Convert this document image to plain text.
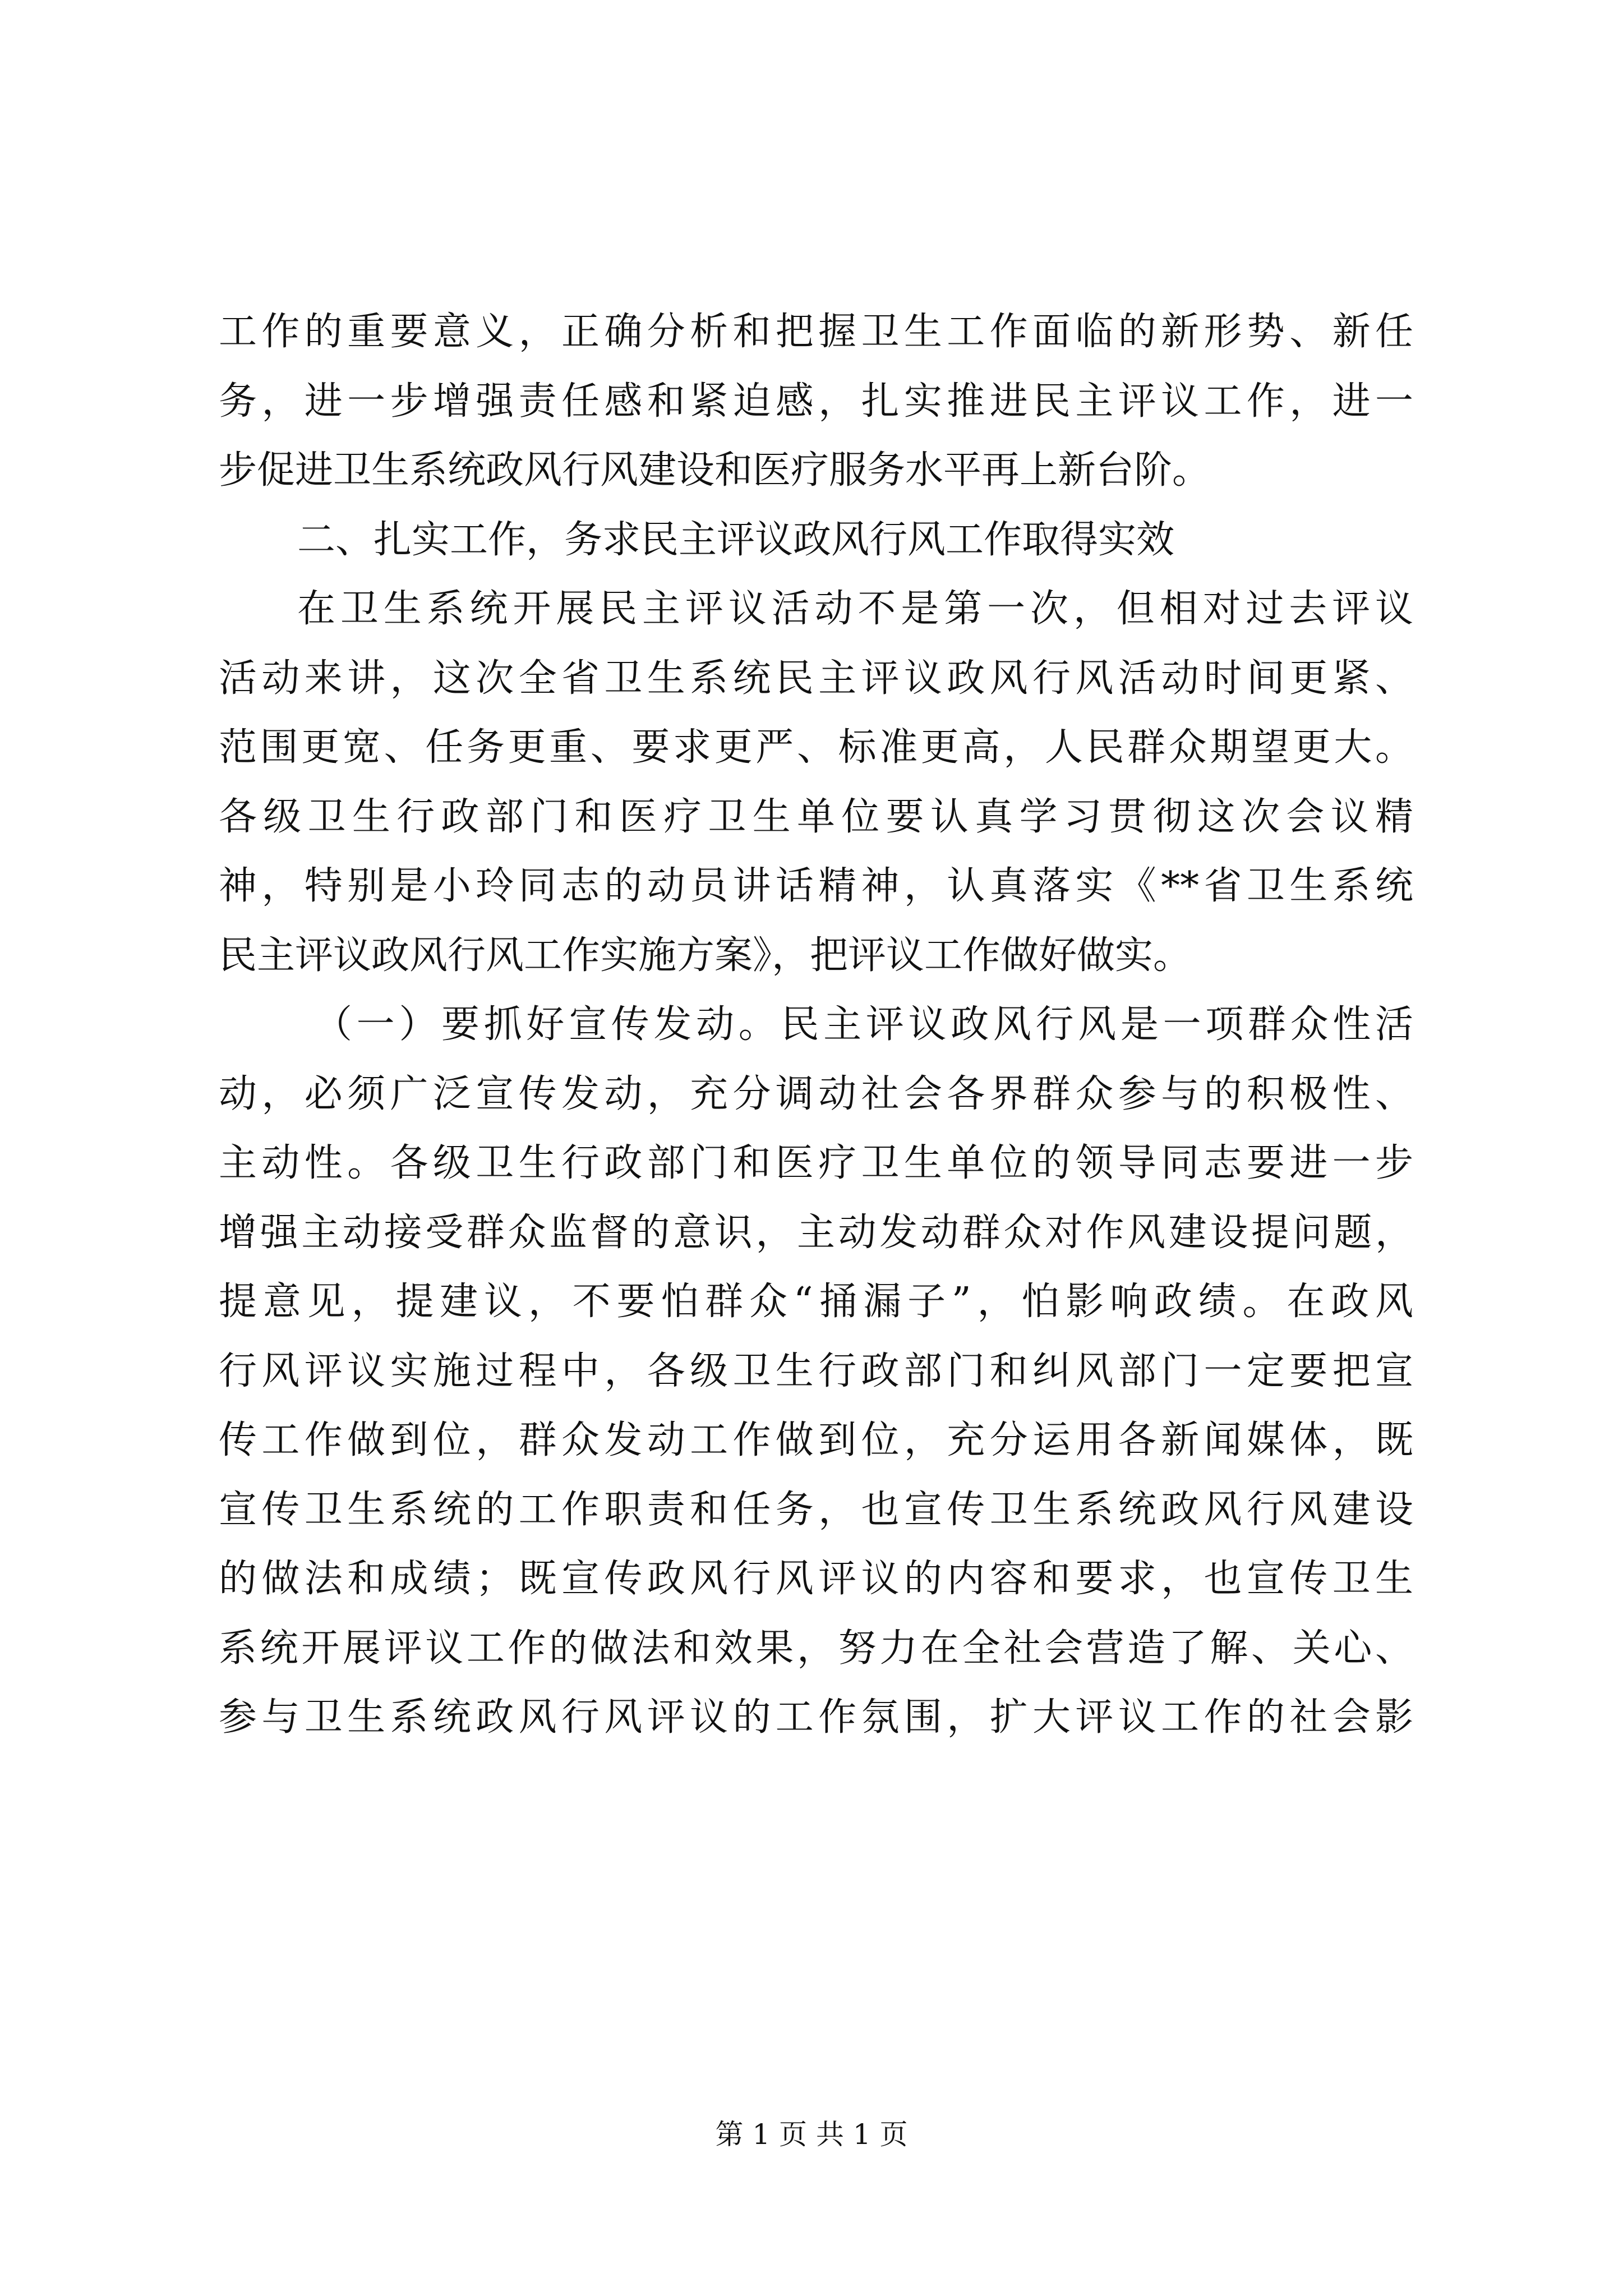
工作的重要意义，正确分析和把握卫生工作面临的新形势、新任
务，进一步增强责任感和紧迫感，扎实推进民主评议工作，进一
步促进卫生系统政风行风建设和医疗服务水平再上新台阶。
二、扎实工作，务求民主评议政风行风工作取得实效
在卫生系统开展民主评议活动不是第一次，但相对过去评议
活动来讲，这次全省卫生系统民主评议政风行风活动时间更紧、
范围更宽、任务更重、要求更严、标准更高，人民群众期望更大。
各级卫生行政部门和医疗卫生单位要认真学习贯彻这次会议精
神，特别是小玲同志的动员讲话精神，认真落实《**省卫生系统
民主评议政风行风工作实施方案》，把评议工作做好做实。
（一）要抓好宣传发动。民主评议政风行风是一项群众性活
动，必须广泛宣传发动，充分调动社会各界群众参与的积极性、
主动性。各级卫生行政部门和医疗卫生单位的领导同志要进一步
增强主动接受群众监督的意识，主动发动群众对作风建设提问题，
提意见，提建议，不要怕群众“捅漏子”，怕影响政绩。在政风
行风评议实施过程中，各级卫生行政部门和纠风部门一定要把宣
传工作做到位，群众发动工作做到位，充分运用各新闻媒体，既
宣传卫生系统的工作职责和任务，也宣传卫生系统政风行风建设
的做法和成绩；既宣传政风行风评议的内容和要求，也宣传卫生
系统开展评议工作的做法和效果，努力在全社会营造了解、关心、
参与卫生系统政风行风评议的工作氛围，扩大评议工作的社会影
第 1 页 共 1 页
